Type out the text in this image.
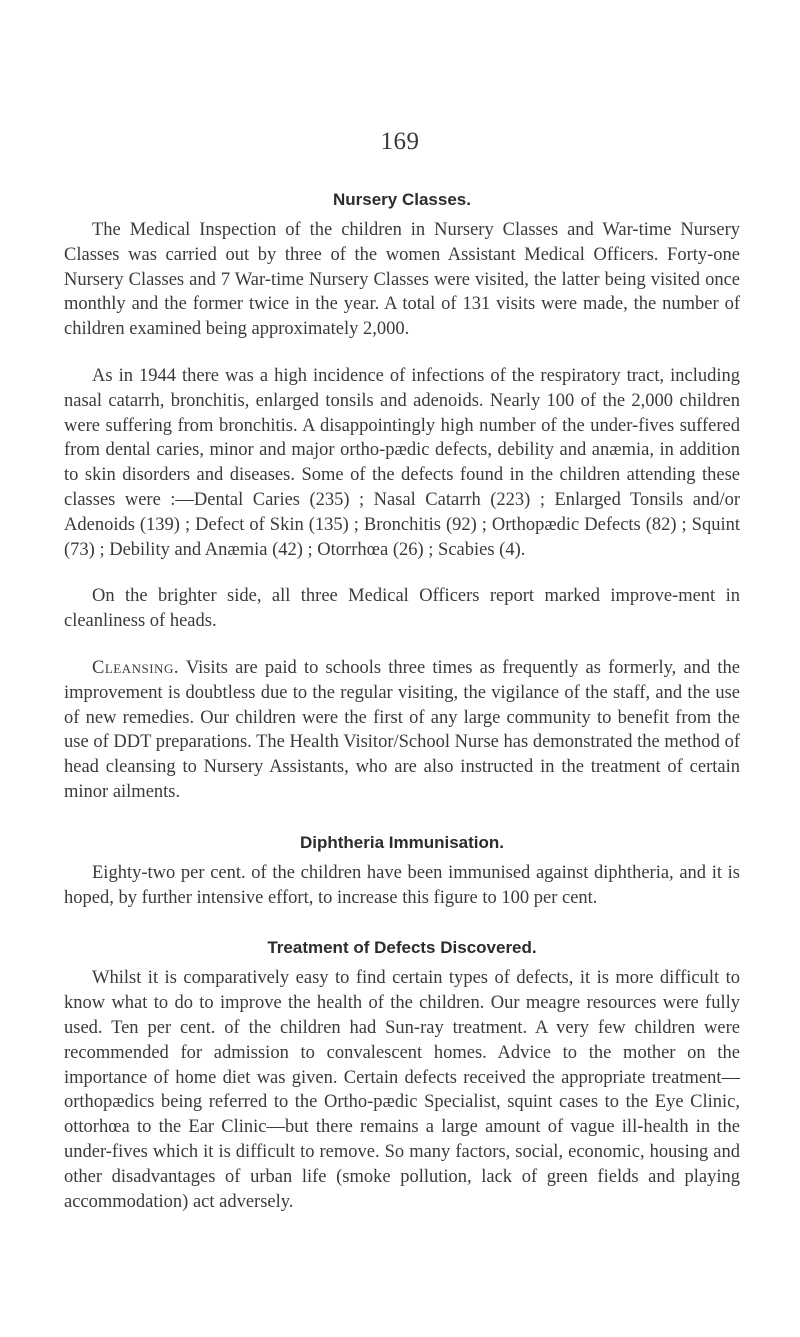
169
Nursery Classes.

The Medical Inspection of the children in Nursery Classes and War-time Nursery Classes was carried out by three of the women Assistant Medical Officers. Forty-one Nursery Classes and 7 War-time Nursery Classes were visited, the latter being visited once monthly and the former twice in the year. A total of 131 visits were made, the number of children examined being approximately 2,000.

As in 1944 there was a high incidence of infections of the respiratory tract, including nasal catarrh, bronchitis, enlarged tonsils and adenoids. Nearly 100 of the 2,000 children were suffering from bronchitis. A disappointingly high number of the under-fives suffered from dental caries, minor and major ortho-pædic defects, debility and anæmia, in addition to skin disorders and diseases. Some of the defects found in the children attending these classes were :—Dental Caries (235) ; Nasal Catarrh (223) ; Enlarged Tonsils and/or Adenoids (139) ; Defect of Skin (135) ; Bronchitis (92) ; Orthopædic Defects (82) ; Squint (73) ; Debility and Anæmia (42) ; Otorrhœa (26) ; Scabies (4).

On the brighter side, all three Medical Officers report marked improve-ment in cleanliness of heads.

Cleansing. Visits are paid to schools three times as frequently as formerly, and the improvement is doubtless due to the regular visiting, the vigilance of the staff, and the use of new remedies. Our children were the first of any large community to benefit from the use of DDT preparations. The Health Visitor/School Nurse has demonstrated the method of head cleansing to Nursery Assistants, who are also instructed in the treatment of certain minor ailments.

Diphtheria Immunisation.

Eighty-two per cent. of the children have been immunised against diphtheria, and it is hoped, by further intensive effort, to increase this figure to 100 per cent.

Treatment of Defects Discovered.

Whilst it is comparatively easy to find certain types of defects, it is more difficult to know what to do to improve the health of the children. Our meagre resources were fully used. Ten per cent. of the children had Sun-ray treatment. A very few children were recommended for admission to convalescent homes. Advice to the mother on the importance of home diet was given. Certain defects received the appropriate treatment—orthopædics being referred to the Ortho-pædic Specialist, squint cases to the Eye Clinic, ottorhœa to the Ear Clinic—but there remains a large amount of vague ill-health in the under-fives which it is difficult to remove. So many factors, social, economic, housing and other disadvantages of urban life (smoke pollution, lack of green fields and playing accommodation) act adversely.
